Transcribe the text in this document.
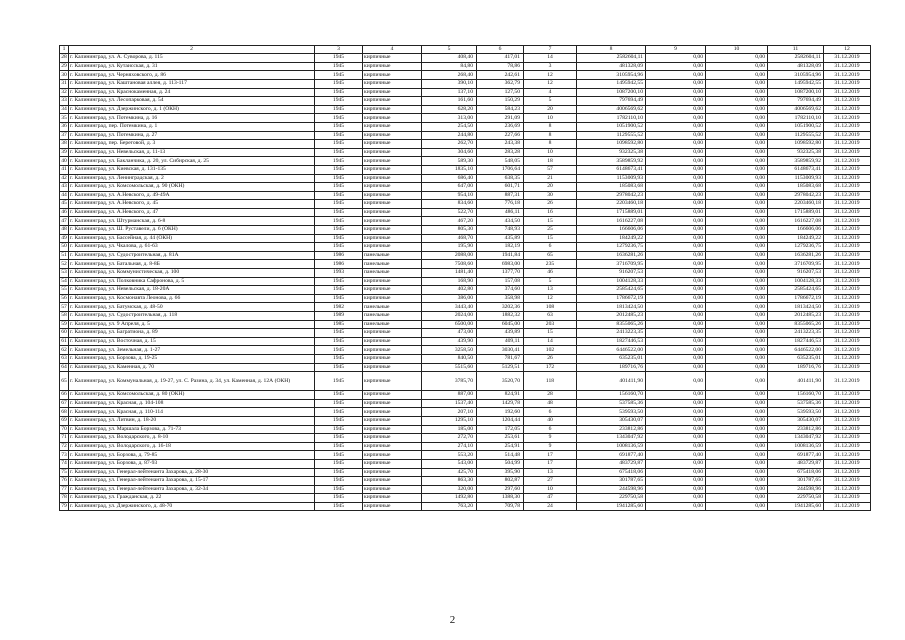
1	2	3	4	5	6	7	8	9	10	11	12
28	г. Калининград, ул. А. Суворова, д. 115	1945	кирпичные	408,40	417,01	14	2582604,11	0,00	0,00	2582604,11	31.12.2019
29	г. Калининград, ул. Кутаисская, д. 31	1945	кирпичные	84,80	78,86	3	481328,09	0,00	0,00	481328,09	31.12.2019
30	г. Калининград, ул. Черняховского, д. 86	1945	кирпичные	268,40	242,61	12	3105954,96	0,00	0,00	3105954,96	31.12.2019
31	г. Калининград, ул. Каштановая аллея, д. 113-117	1945	кирпичные	390,10	362,79	12	1495942,55	0,00	0,00	1495942,55	31.12.2019
32	г. Калининград, ул. Краснокаменная, д. 24	1945	кирпичные	137,10	127,50	4	1087200,10	0,00	0,00	1087200,10	31.12.2019
33	г. Калининград, ул. Лесопарковая, д. 54	1945	кирпичные	161,60	150,29	5	797694,49	0,00	0,00	797694,49	31.12.2019
34	г. Калининград, ул. Дзержинского, д. 1 (ОКН)	1945	кирпичные	628,20	584,23	20	4006569,62	0,00	0,00	4006569,62	31.12.2019
35	г. Калининград, ул. Потемкина, д. 16	1945	кирпичные	313,00	291,09	10	1782110,10	0,00	0,00	1782110,10	31.12.2019
36	г. Калининград, пер. Потемкина, д. 1	1945	кирпичные	254,50	236,69	8	1051900,52	0,00	0,00	1051900,52	31.12.2019
37	г. Калининград, ул. Потемкина, д. 27	1945	кирпичные	244,80	227,66	8	1129555,52	0,00	0,00	1129555,52	31.12.2019
38	г. Калининград, пер. Береговой, д. 3	1945	кирпичные	262,70	243,38	8	1098592,80	0,00	0,00	1098592,80	31.12.2019
39	г. Калининград, ул. Невельская, д. 11-13	1945	кирпичные	304,60	283,28	10	932325,38	0,00	0,00	932325,38	31.12.2019
40	г. Калининград, ул. Бакланчика, д. 20, ул. Сибирская, д. 25	1945	кирпичные	589,30	548,05	18	3589859,92	0,00	0,00	3589859,92	31.12.2019
41	г. Калининград, ул. Киевская, д. 131-135	1945	кирпичные	1835,10	1706,64	57	6148673,41	0,00	0,00	6148673,41	31.12.2019
42	г. Калининград, ул. Ленинградская, д. 2	1945	кирпичные	686,40	638,35	21	1153009,93	0,00	0,00	1153009,93	31.12.2019
43	г. Калининград, ул. Комсомольская, д. 90 (ОКН)	1945	кирпичные	647,00	601,71	20	185083,68	0,00	0,00	185083,68	31.12.2019
44	г. Калининград, ул. А.Невского, д. 49-49А	1945	кирпичные	954,10	887,31	30	2978042,23	0,00	0,00	2978042,23	31.12.2019
45	г. Калининград, ул. А.Невского, д. 45	1945	кирпичные	834,60	776,18	26	2203460,18	0,00	0,00	2203460,18	31.12.2019
46	г. Калининград, ул. А.Невского, д. 47	1945	кирпичные	522,70	486,11	16	1715889,01	0,00	0,00	1715889,01	31.12.2019
47	г. Калининград, ул. Штурманская, д. 6-8	1945	кирпичные	467,20	434,50	15	1616227,08	0,00	0,00	1616227,08	31.12.2019
48	г. Калининград, ул. Ш. Руставели, д. 6 (ОКН)	1945	кирпичные	805,30	748,93	25	166606,06	0,00	0,00	166606,06	31.12.2019
49	г. Калининград, ул. Бассейная, д. 44 (ОКН)	1945	кирпичные	468,70	435,89	15	184249,22	0,00	0,00	184249,22	31.12.2019
50	г. Калининград, ул. Чкалова, д. 61-63	1945	кирпичные	195,90	182,19	6	1279236,75	0,00	0,00	1279236,75	31.12.2019
51	г. Калининград, ул. Судостроительная, д. 81А	1986	панельные	2088,00	1941,84	65	1636281,26	0,00	0,00	1636281,26	31.12.2019
52	г. Калининград, ул. Батальная, д. 8-8Б	1986	панельные	7508,60	6983,00	235	3716709,95	0,00	0,00	3716709,95	31.12.2019
53	г. Калининград, ул. Коммунистическая, д. 100	1993	панельные	1481,40	1377,70	46	916207,53	0,00	0,00	916207,53	31.12.2019
54	г. Калининград, ул. Полковника Сафронова, д. 5	1945	кирпичные	168,90	157,08	5	1004128,33	0,00	0,00	1004128,33	31.12.2019
55	г. Калининград, ул. Невельская, д. 18-20А	1945	кирпичные	402,80	374,60	13	2585424,65	0,00	0,00	2585424,65	31.12.2019
56	г. Калининград, ул. Космонавта Леонова, д. 66	1945	кирпичные	386,00	358,98	12	1786672,19	0,00	0,00	1786672,19	31.12.2019
57	г. Калининград, ул. Батумская, д. 48-50	1982	панельные	3443,40	3202,36	108	1813424,50	0,00	0,00	1813424,50	31.12.2019
58	г. Калининград, ул. Судостроительная, д. 118	1989	панельные	2024,00	1882,32	63	2012485,23	0,00	0,00	2012485,23	31.12.2019
59	г. Калининград, ул. 9 Апреля, д. 5	1985	панельные	6500,00	6045,00	203	8355065,26	0,00	0,00	8355065,26	31.12.2019
60	г. Калининград, ул. Багратиона, д. 89	1945	кирпичные	473,00	439,89	15	2413223,35	0,00	0,00	2413223,35	31.12.2019
61	г. Калининград, ул. Восточная, д. 15	1945	кирпичные	439,90	409,11	14	1827446,53	0,00	0,00	1827446,53	31.12.2019
62	г. Калининград, ул. Земельная, д. 1-27	1945	кирпичные	3258,50	3030,41	102	6446522,00	0,00	0,00	6446522,00	31.12.2019
63	г. Калининград, ул. Борзова, д. 19-25	1945	кирпичные	840,50	781,67	26	635235,01	0,00	0,00	635235,01	31.12.2019
64	г. Калининград, ул. Каменная, д. 70	1945	кирпичные	5515,60	5129,51	172	189716,76	0,00	0,00	189716,76	31.12.2019
65	г. Калининград, ул. Коммунальная, д. 19-27, ул. С. Разина, д. 34, ул. Каменная, д. 12А (ОКН)	1945	кирпичные	3785,70	3520,70	118	401411,90	0,00	0,00	401411,90	31.12.2019
66	г. Калининград, ул. Комсомольская, д. 80 (ОКН)	1945	кирпичные	887,00	824,91	28	156160,70	0,00	0,00	156160,70	31.12.2019
67	г. Калининград, ул. Красная, д. 104-108	1945	кирпичные	1537,40	1429,78	48	537585,36	0,00	0,00	537585,36	31.12.2019
68	г. Калининград, ул. Красная, д. 110-114	1945	кирпичные	207,10	192,60	6	539593,50	0,00	0,00	539593,50	31.12.2019
69	г. Калининград, ул. Литвин, д. 18-20	1945	кирпичные	1295,10	1204,44	40	305430,07	0,00	0,00	305430,07	31.12.2019
70	г. Калининград, ул. Маршала Борзова, д. 71-73	1945	кирпичные	185,00	172,05	6	233812,86	0,00	0,00	233812,86	31.12.2019
71	г. Калининград, ул. Володарского, д. 8-10	1945	кирпичные	272,70	253,61	9	1343047,92	0,00	0,00	1343047,92	31.12.2019
72	г. Калининград, ул. Володарского, д. 16-18	1945	кирпичные	274,10	254,91	9	1008136,59	0,00	0,00	1008136,59	31.12.2019
73	г. Калининград, ул. Борзова, д. 79-85	1945	кирпичные	553,20	514,48	17	691877,40	0,00	0,00	691877,40	31.12.2019
74	г. Калининград, ул. Борзова, д. 87-93	1945	кирпичные	543,00	504,99	17	483729,87	0,00	0,00	483729,87	31.12.2019
75	г. Калининград, ул. Генерал-лейтенанта Захарова, д. 28-30	1945	кирпичные	425,70	395,90	13	675418,06	0,00	0,00	675418,06	31.12.2019
76	г. Калининград, ул. Генерал-лейтенанта Захарова, д. 15-17	1945	кирпичные	863,30	802,87	27	301787,65	0,00	0,00	301787,65	31.12.2019
77	г. Калининград, ул. Генерал-лейтенанта Захарова, д. 32-34	1945	кирпичные	320,00	297,60	10	244598,96	0,00	0,00	244598,96	31.12.2019
78	г. Калининград, ул. Гражданская, д. 22	1945	кирпичные	1492,80	1388,30	47	229750,58	0,00	0,00	229750,58	31.12.2019
79	г. Калининград, ул. Дзержинского, д. 48-70	1945	кирпичные	763,20	709,78	24	1941285,60	0,00	0,00	1941285,60	31.12.2019
2
